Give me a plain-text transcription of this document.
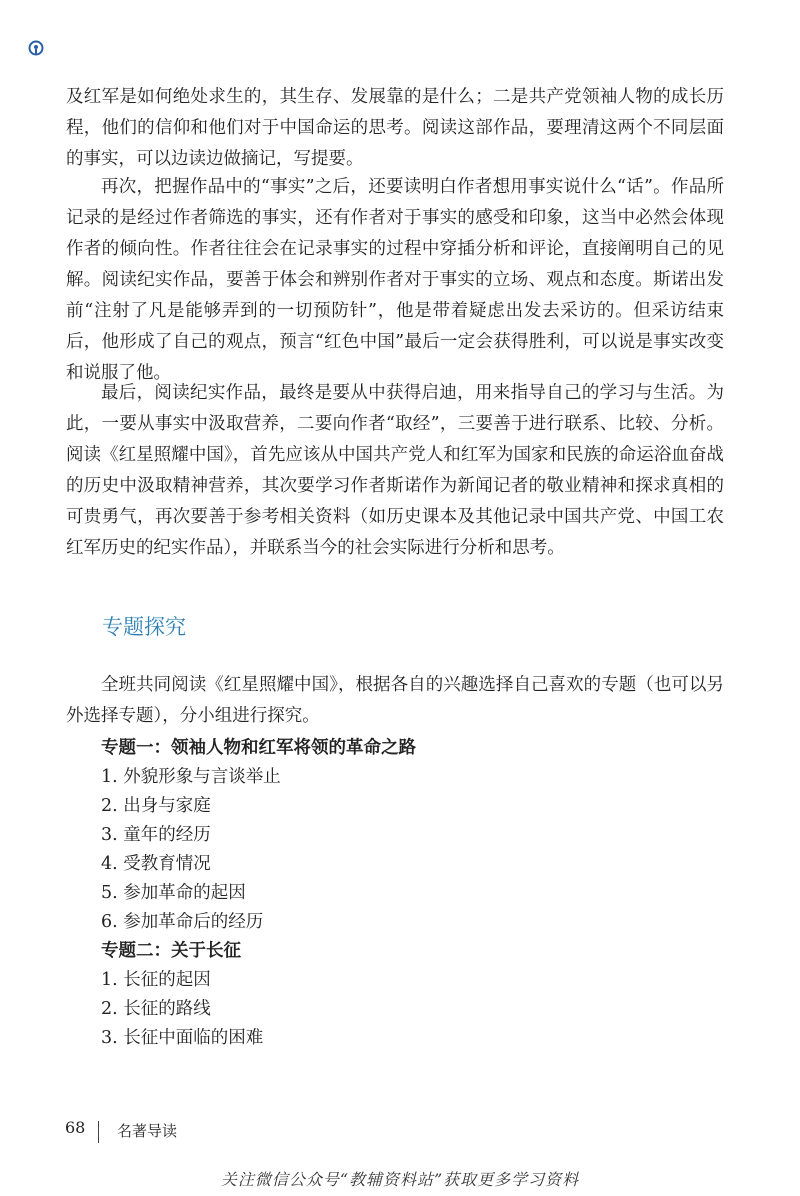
及红军是如何绝处求生的，其生存、发展靠的是什么；二是共产党领袖人物的成长历程，他们的信仰和他们对于中国命运的思考。阅读这部作品，要理清这两个不同层面的事实，可以边读边做摘记，写提要。

再次，把握作品中的“事实”之后，还要读明白作者想用事实说什么“话”。作品所记录的是经过作者筛选的事实，还有作者对于事实的感受和印象，这当中必然会体现作者的倾向性。作者往往会在记录事实的过程中穿插分析和评论，直接阐明自己的见解。阅读纪实作品，要善于体会和辨别作者对于事实的立场、观点和态度。斯诺出发前“注射了凡是能够弄到的一切预防针”，他是带着疑虑出发去采访的。但采访结束后，他形成了自己的观点，预言“红色中国”最后一定会获得胜利，可以说是事实改变和说服了他。

最后，阅读纪实作品，最终是要从中获得启迪，用来指导自己的学习与生活。为此，一要从事实中汲取营养，二要向作者“取经”，三要善于进行联系、比较、分析。阅读《红星照耀中国》，首先应该从中国共产党人和红军为国家和民族的命运浴血奋战的历史中汲取精神营养，其次要学习作者斯诺作为新闻记者的敬业精神和探求真相的可贵勇气，再次要善于参考相关资料（如历史课本及其他记录中国共产党、中国工农红军历史的纪实作品），并联系当今的社会实际进行分析和思考。

专题探究

全班共同阅读《红星照耀中国》，根据各自的兴趣选择自己喜欢的专题（也可以另外选择专题），分小组进行探究。

专题一：领袖人物和红军将领的革命之路
1. 外貌形象与言谈举止
2. 出身与家庭
3. 童年的经历
4. 受教育情况
5. 参加革命的起因
6. 参加革命后的经历
专题二：关于长征
1. 长征的起因
2. 长征的路线
3. 长征中面临的困难
68 名著导读
关注微信公众号“教辅资料站”获取更多学习资料
